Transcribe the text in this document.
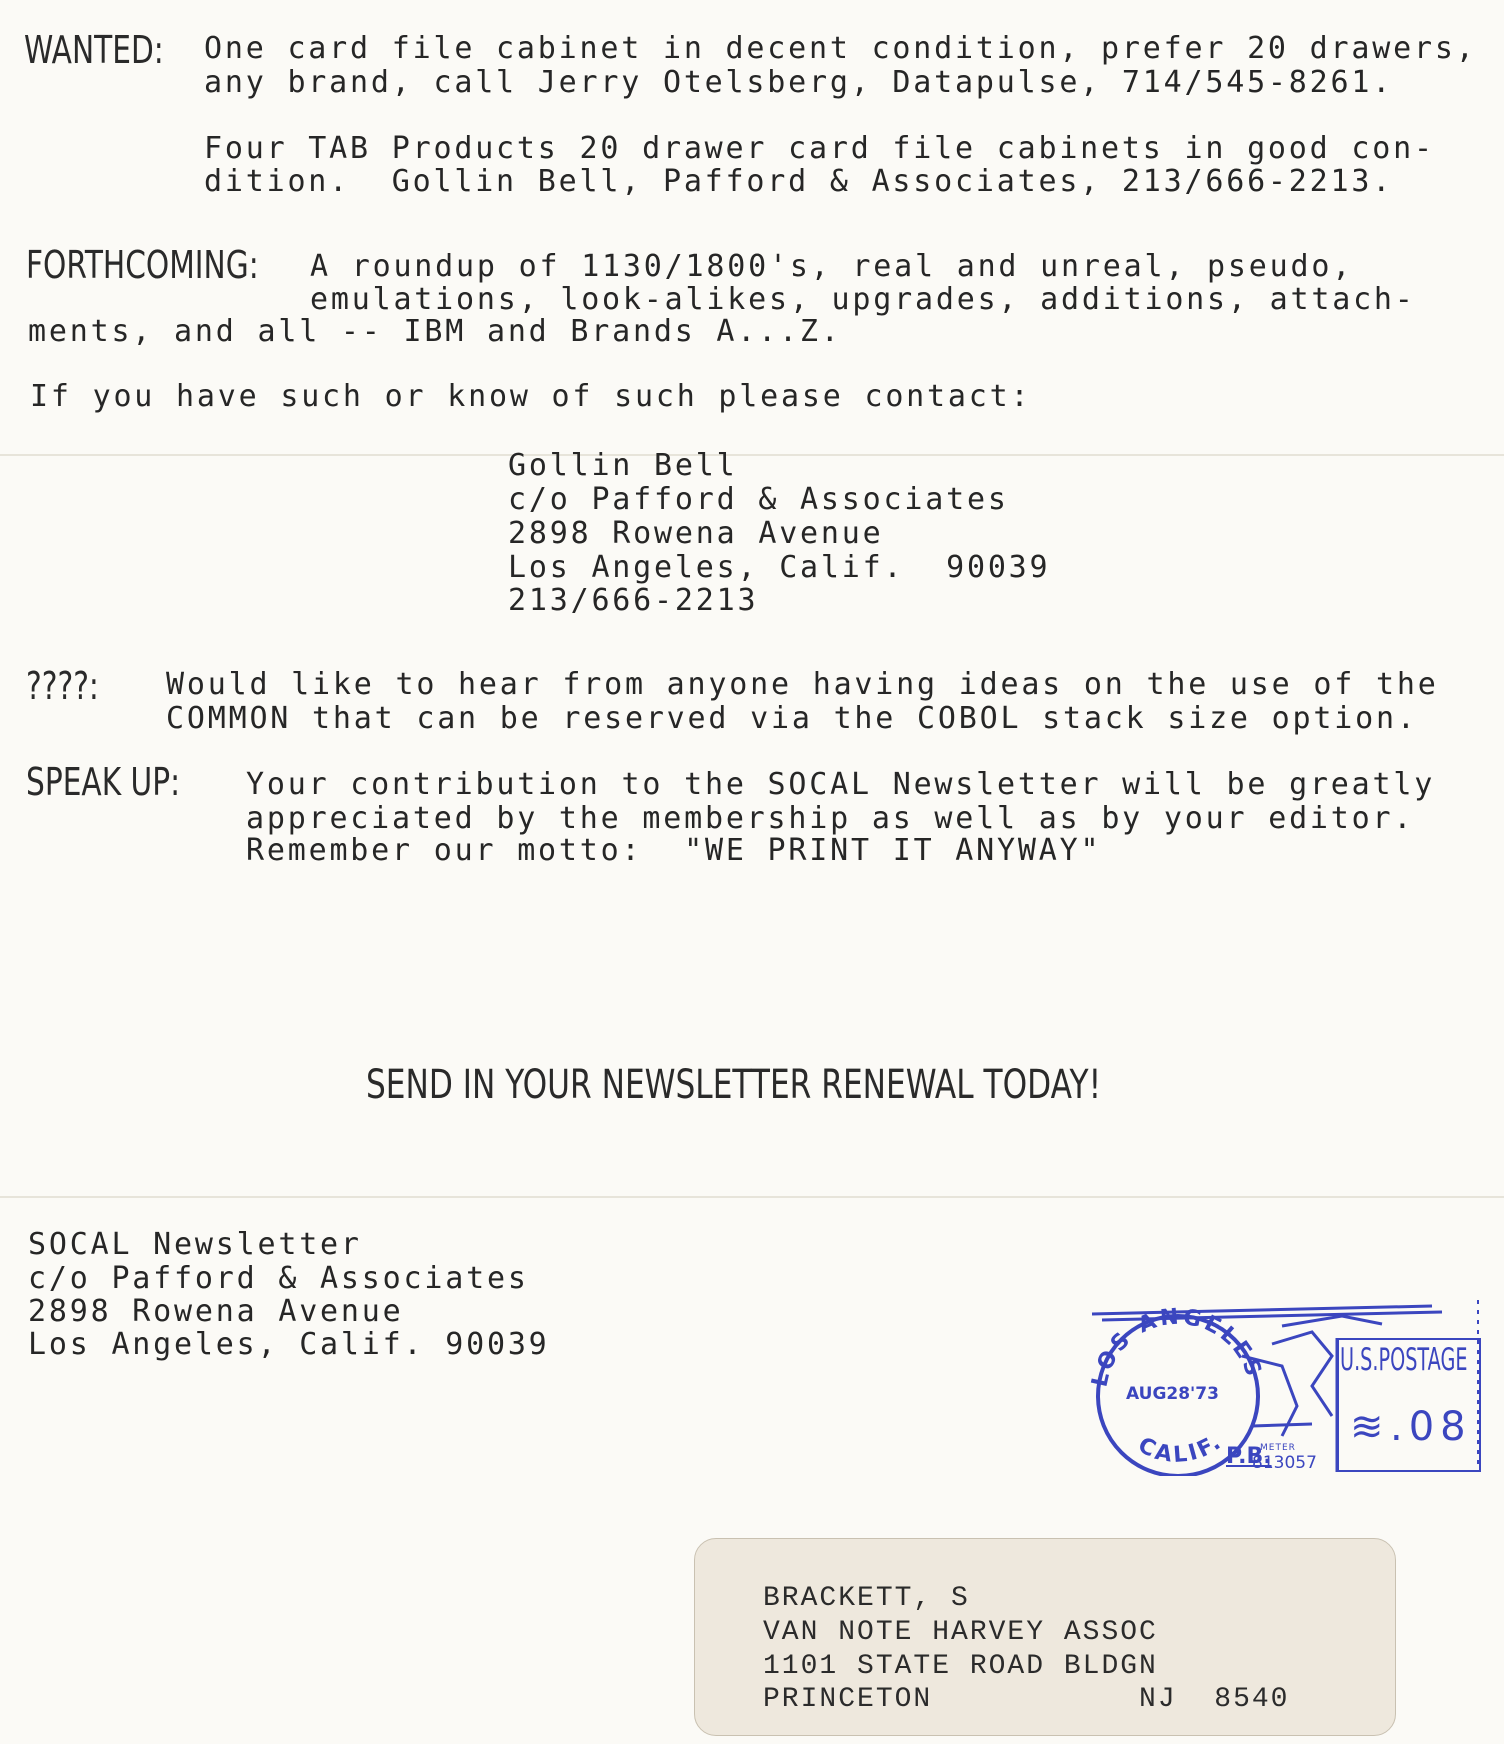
WANTED: One card file cabinet in decent condition, prefer 20 drawers,
any brand, call Jerry Otelsberg, Datapulse, 714/545-8261.
Four TAB Products 20 drawer card file cabinets in good con-
dition.  Gollin Bell, Pafford & Associates, 213/666-2213.
FORTHCOMING: A roundup of 1130/1800's, real and unreal, pseudo,
emulations, look-alikes, upgrades, additions, attach-
ments, and all -- IBM and Brands A...Z.
If you have such or know of such please contact:
Gollin Bell
c/o Pafford & Associates
2898 Rowena Avenue
Los Angeles, Calif.  90039
213/666-2213
????: Would like to hear from anyone having ideas on the use of the
COMMON that can be reserved via the COBOL stack size option.
SPEAK UP: Your contribution to the SOCAL Newsletter will be greatly
appreciated by the membership as well as by your editor.
Remember our motto:  "WE PRINT IT ANYWAY"
SEND IN YOUR NEWSLETTER RENEWAL TODAY!
SOCAL Newsletter
c/o Pafford & Associates
2898 Rowena Avenue
Los Angeles, Calif. 90039
LOS ANGELES
CALIF.
U.S.POSTAGE
≋ .08
AUG28'73
P.B.
METER
813057
BRACKETT, S
VAN NOTE HARVEY ASSOC
1101 STATE ROAD BLDGN
PRINCETON           NJ  8540
